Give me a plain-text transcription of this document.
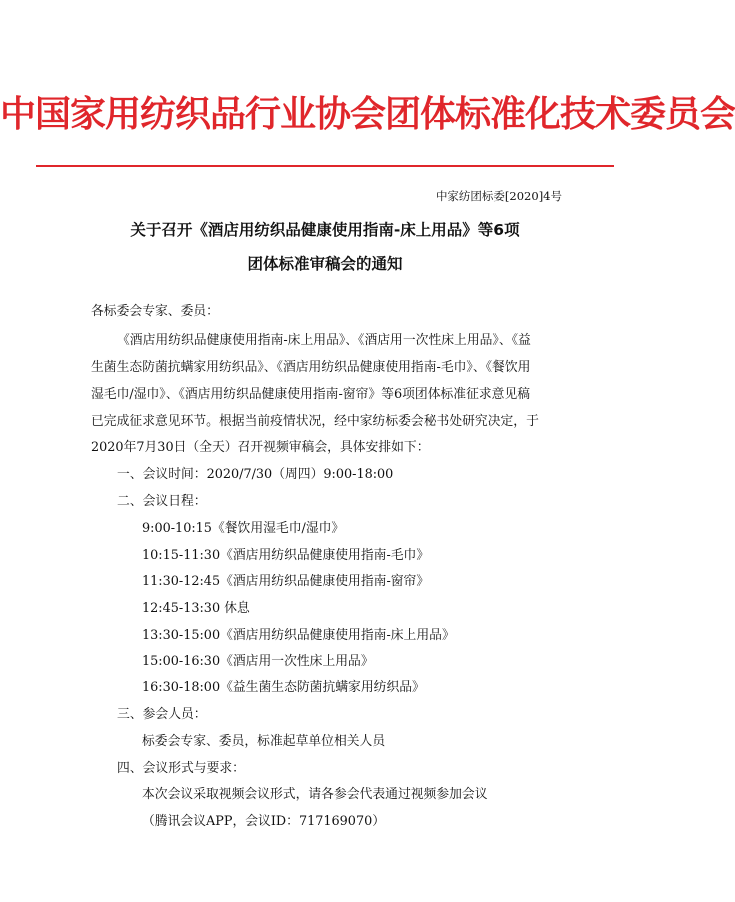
中国家用纺织品行业协会团体标准化技术委员会
中家纺团标委[2020]4号
关于召开《酒店用纺织品健康使用指南-床上用品》等6项
团体标准审稿会的通知
各标委会专家、委员：
《酒店用纺织品健康使用指南-床上用品》、《酒店用一次性床上用品》、《益
生菌生态防菌抗螨家用纺织品》、《酒店用纺织品健康使用指南-毛巾》、《餐饮用
湿毛巾/湿巾》、《酒店用纺织品健康使用指南-窗帘》等6项团体标准征求意见稿
已完成征求意见环节。根据当前疫情状况，经中家纺标委会秘书处研究决定，于
2020年7月30日（全天）召开视频审稿会，具体安排如下：
一、会议时间：2020/7/30（周四）9:00-18:00
二、会议日程：
9:00-10:15《餐饮用湿毛巾/湿巾》
10:15-11:30《酒店用纺织品健康使用指南-毛巾》
11:30-12:45《酒店用纺织品健康使用指南-窗帘》
12:45-13:30 休息
13:30-15:00《酒店用纺织品健康使用指南-床上用品》
15:00-16:30《酒店用一次性床上用品》
16:30-18:00《益生菌生态防菌抗螨家用纺织品》
三、参会人员：
标委会专家、委员，标准起草单位相关人员
四、会议形式与要求：
本次会议采取视频会议形式，请各参会代表通过视频参加会议
（腾讯会议APP，会议ID：717169070）
